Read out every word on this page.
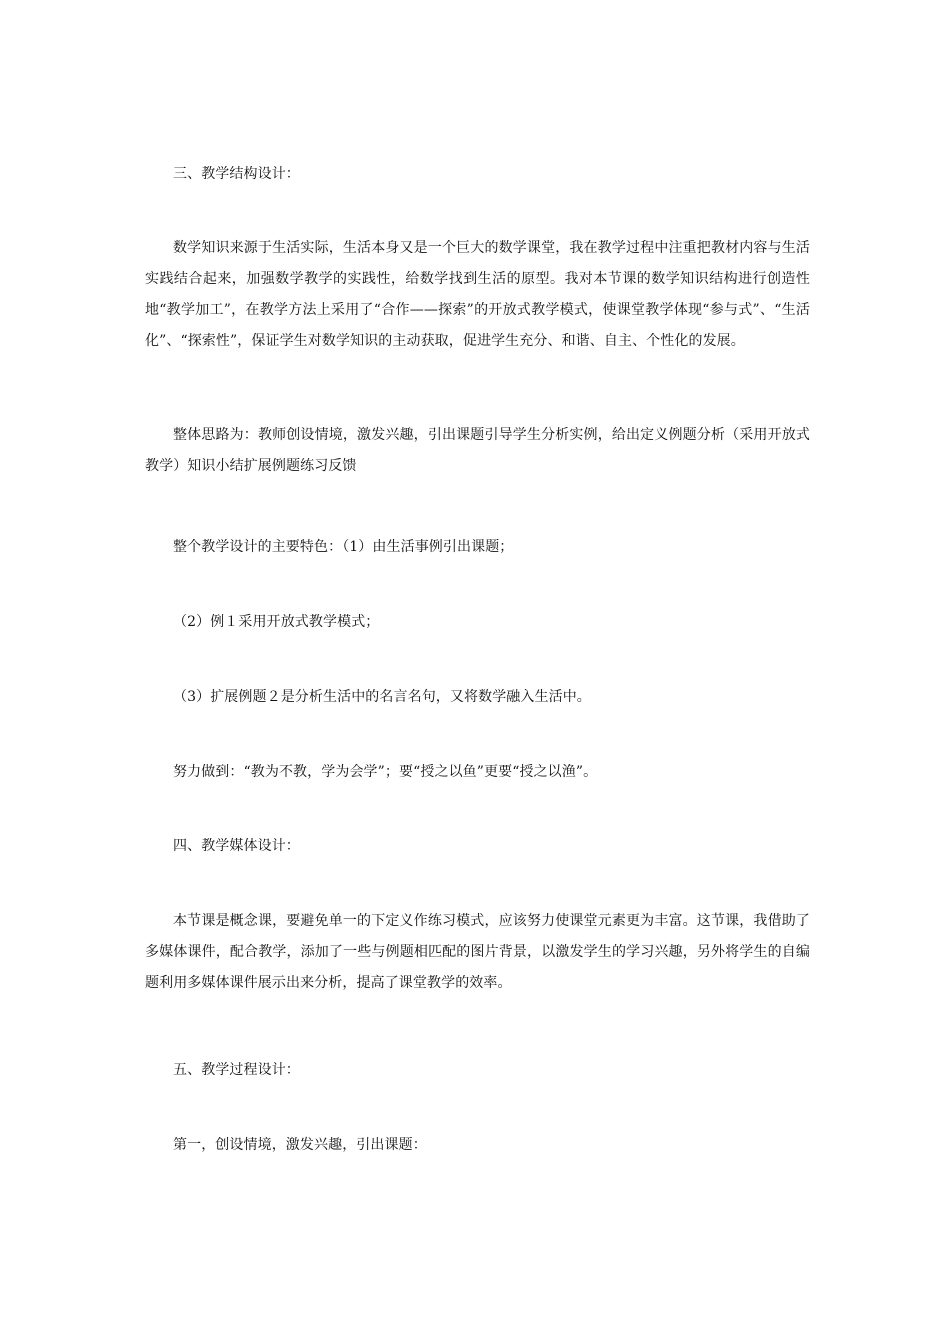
三、教学结构设计：

数学知识来源于生活实际，生活本身又是一个巨大的数学课堂，我在教学过程中注重把教材内容与生活实践结合起来，加强数学教学的实践性，给数学找到生活的原型。我对本节课的数学知识结构进行创造性地“教学加工”，在教学方法上采用了“合作——探索”的开放式教学模式，使课堂教学体现“参与式”、“生活化”、“探索性”，保证学生对数学知识的主动获取，促进学生充分、和谐、自主、个性化的发展。

整体思路为：教师创设情境，激发兴趣，引出课题引导学生分析实例，给出定义例题分析（采用开放式教学）知识小结扩展例题练习反馈

整个教学设计的主要特色：（1）由生活事例引出课题；

（2）例１采用开放式教学模式；

（3）扩展例题２是分析生活中的名言名句，又将数学融入生活中。

努力做到：“教为不教，学为会学”；要“授之以鱼”更要“授之以渔”。

四、教学媒体设计：

本节课是概念课，要避免单一的下定义作练习模式，应该努力使课堂元素更为丰富。这节课，我借助了多媒体课件，配合教学，添加了一些与例题相匹配的图片背景，以激发学生的学习兴趣，另外将学生的自编题利用多媒体课件展示出来分析，提高了课堂教学的效率。

五、教学过程设计：

第一，创设情境，激发兴趣，引出课题：
